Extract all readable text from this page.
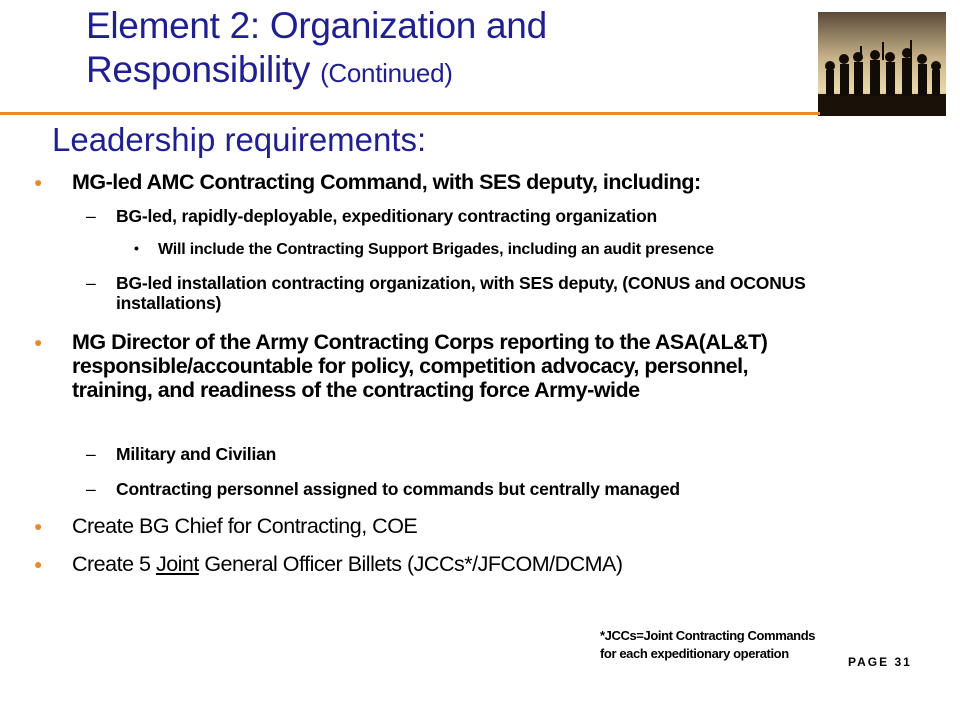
Element 2: Organization and
Responsibility (Continued)
Leadership requirements:
● MG-led AMC Contracting Command, with SES deputy, including:
– BG-led, rapidly-deployable, expeditionary contracting organization
• Will include the Contracting Support Brigades, including an audit presence
– BG-led installation contracting organization, with SES deputy, (CONUS and OCONUS installations)
● MG Director of the Army Contracting Corps reporting to the ASA(AL&T) responsible/accountable for policy, competition advocacy, personnel, training, and readiness of the contracting force Army-wide
– Military and Civilian
– Contracting personnel assigned to commands but centrally managed
● Create BG Chief for Contracting, COE
● Create 5 Joint General Officer Billets (JCCs*/JFCOM/DCMA)
*JCCs=Joint Contracting Commands
for each expeditionary operation
PAGE 31
